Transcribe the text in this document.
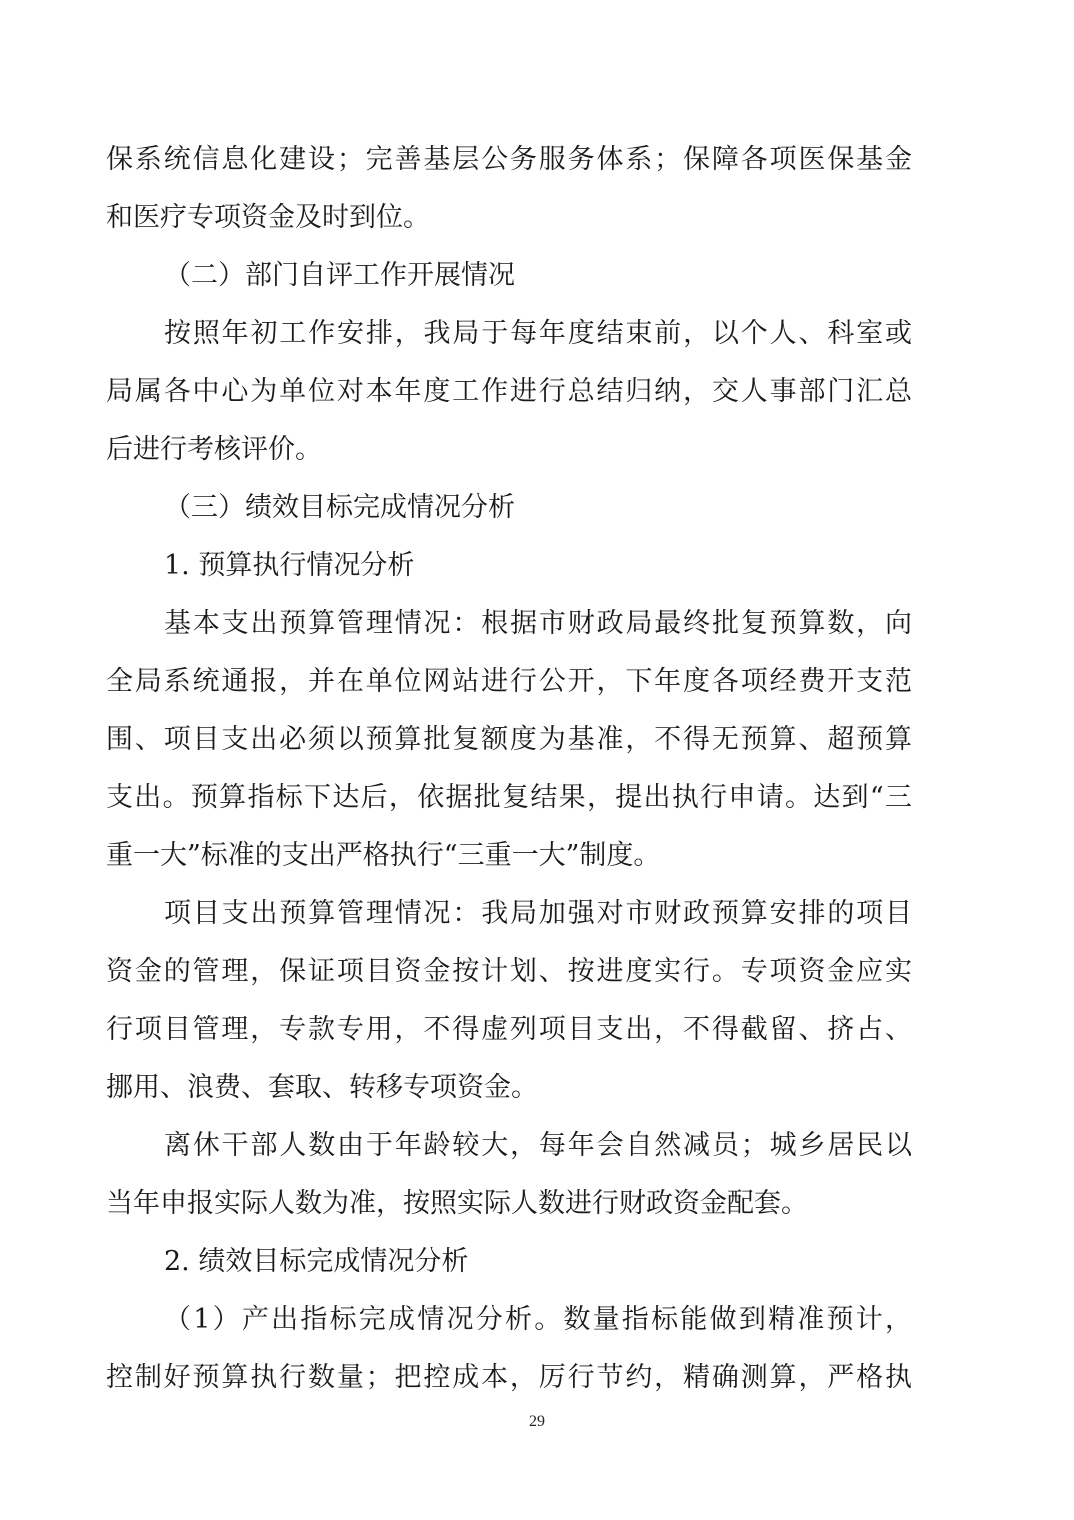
保系统信息化建设；完善基层公务服务体系；保障各项医保基金
和医疗专项资金及时到位。
（二）部门自评工作开展情况
按照年初工作安排，我局于每年度结束前，以个人、科室或
局属各中心为单位对本年度工作进行总结归纳，交人事部门汇总
后进行考核评价。
（三）绩效目标完成情况分析
1. 预算执行情况分析
基本支出预算管理情况：根据市财政局最终批复预算数，向
全局系统通报，并在单位网站进行公开，下年度各项经费开支范
围、项目支出必须以预算批复额度为基准，不得无预算、超预算
支出。预算指标下达后，依据批复结果，提出执行申请。达到“三
重一大”标准的支出严格执行“三重一大”制度。
项目支出预算管理情况：我局加强对市财政预算安排的项目
资金的管理，保证项目资金按计划、按进度实行。专项资金应实
行项目管理，专款专用，不得虚列项目支出，不得截留、挤占、
挪用、浪费、套取、转移专项资金。
离休干部人数由于年龄较大，每年会自然减员；城乡居民以
当年申报实际人数为准，按照实际人数进行财政资金配套。
2. 绩效目标完成情况分析
（1）产出指标完成情况分析。数量指标能做到精准预计，
控制好预算执行数量；把控成本，厉行节约，精确测算，严格执
29
